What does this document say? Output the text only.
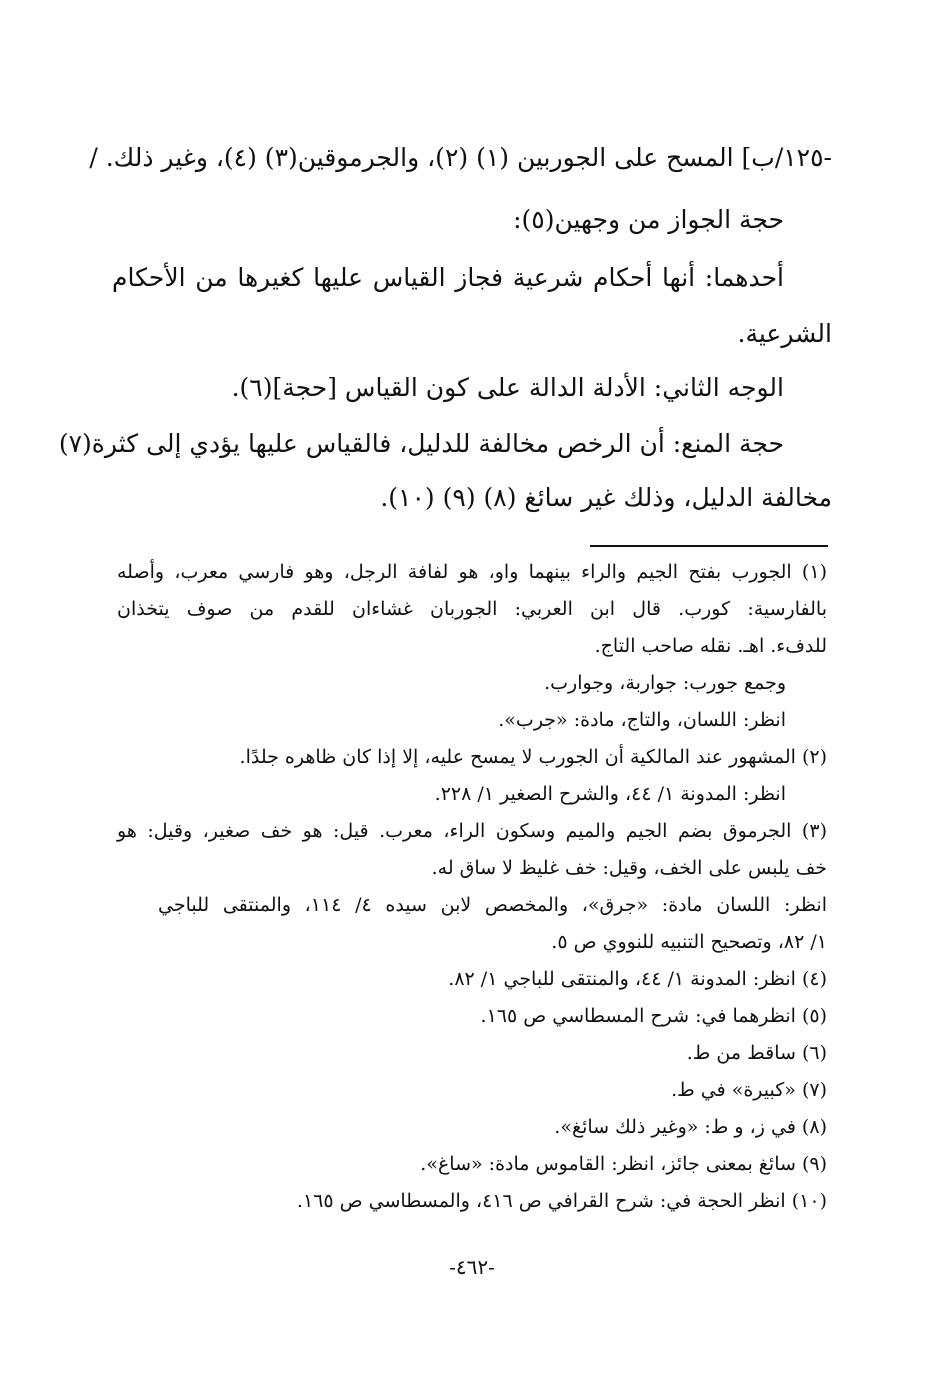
-١٢٥/ب] المسح على الجوربين (١) (٢)، والجرموقين(٣) (٤)، وغير ذلك. /

حجة الجواز من وجهين(٥):

أحدهما: أنها أحكام شرعية فجاز القياس عليها كغيرها من الأحكام

الشرعية.

الوجه الثاني: الأدلة الدالة على كون القياس [حجة](٦).

حجة المنع: أن الرخص مخالفة للدليل، فالقياس عليها يؤدي إلى كثرة(٧)

مخالفة الدليل، وذلك غير سائغ (٨) (٩) (١٠).

(١) الجورب بفتح الجيم والراء بينهما واو، هو لفافة الرجل، وهو فارسي معرب، وأصله

بالفارسية: كورب. قال ابن العربي: الجوربان غشاءان للقدم من صوف يتخذان

للدفء. اهـ. نقله صاحب التاج.

وجمع جورب: جواربة، وجوارب.

انظر: اللسان، والتاج، مادة: «جرب».

(٢) المشهور عند المالكية أن الجورب لا يمسح عليه، إلا إذا كان ظاهره جلدًا.

انظر: المدونة ١/ ٤٤، والشرح الصغير ١/ ٢٢٨.

(٣) الجرموق بضم الجيم والميم وسكون الراء، معرب. قيل: هو خف صغير، وقيل: هو

خف يلبس على الخف، وقيل: خف غليظ لا ساق له.

انظر: اللسان مادة: «جرق»، والمخصص لابن سيده ٤/ ١١٤، والمنتقى للباجي

١/ ٨٢، وتصحيح التنبيه للنووي ص ٥.

(٤) انظر: المدونة ١/ ٤٤، والمنتقى للباجي ١/ ٨٢.

(٥) انظرهما في: شرح المسطاسي ص ١٦٥.

(٦) ساقط من ط.

(٧) «كبيرة» في ط.

(٨) في ز، و ط: «وغير ذلك سائغ».

(٩) سائغ بمعنى جائز، انظر: القاموس مادة: «ساغ».

(١٠) انظر الحجة في: شرح القرافي ص ٤١٦، والمسطاسي ص ١٦٥.

-٤٦٢-
